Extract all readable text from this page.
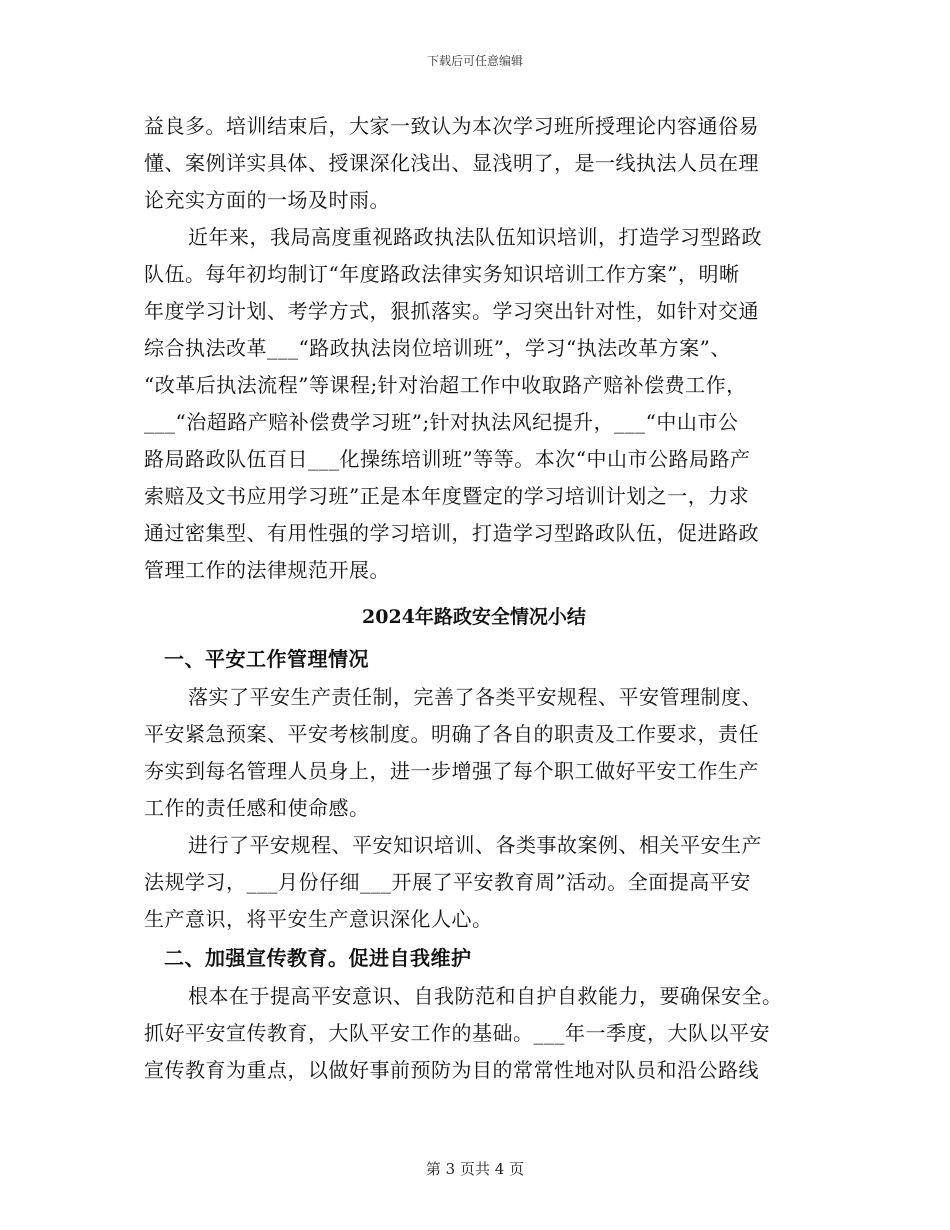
下载后可任意编辑
益良多。培训结束后，大家一致认为本次学习班所授理论内容通俗易
懂、案例详实具体、授课深化浅出、显浅明了，是一线执法人员在理
论充实方面的一场及时雨。
近年来，我局高度重视路政执法队伍知识培训，打造学习型路政
队伍。每年初均制订“年度路政法律实务知识培训工作方案”，明晰
年度学习计划、考学方式，狠抓落实。学习突出针对性，如针对交通
综合执法改革___“路政执法岗位培训班”，学习“执法改革方案”、
“改革后执法流程”等课程;针对治超工作中收取路产赔补偿费工作，
___“治超路产赔补偿费学习班”;针对执法风纪提升，___“中山市公
路局路政队伍百日___化操练培训班”等等。本次“中山市公路局路产
索赔及文书应用学习班”正是本年度暨定的学习培训计划之一，力求
通过密集型、有用性强的学习培训，打造学习型路政队伍，促进路政
管理工作的法律规范开展。
2024年路政安全情况小结
一、平安工作管理情况
落实了平安生产责任制，完善了各类平安规程、平安管理制度、
平安紧急预案、平安考核制度。明确了各自的职责及工作要求，责任
夯实到每名管理人员身上，进一步增强了每个职工做好平安工作生产
工作的责任感和使命感。
进行了平安规程、平安知识培训、各类事故案例、相关平安生产
法规学习，___月份仔细___开展了平安教育周”活动。全面提高平安
生产意识，将平安生产意识深化人心。
二、加强宣传教育。促进自我维护
根本在于提高平安意识、自我防范和自护自救能力，要确保安全。
抓好平安宣传教育，大队平安工作的基础。___年一季度，大队以平安
宣传教育为重点，以做好事前预防为目的常常性地对队员和沿公路线
第 3 页共 4 页
